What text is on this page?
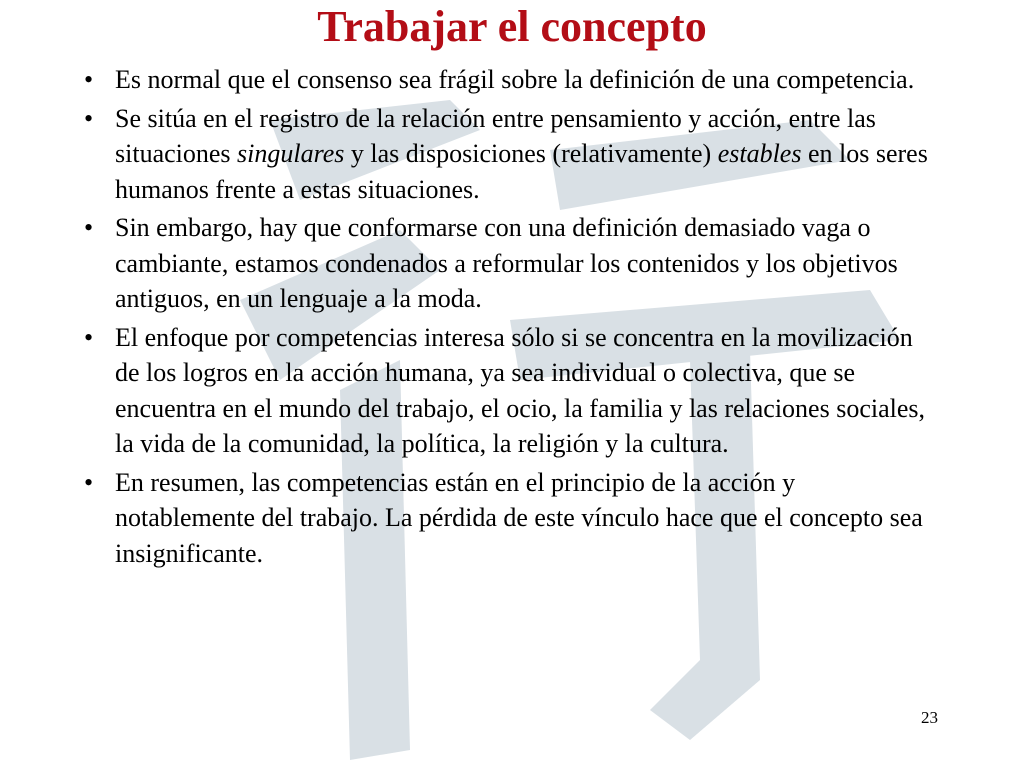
Trabajar el concepto
• Es normal que el consenso sea frágil sobre la definición de una competencia.
• Se sitúa en el registro de la relación entre pensamiento y acción, entre las situaciones singulares y las disposiciones (relativamente) estables en los seres humanos frente a estas situaciones.
• Sin embargo, hay que conformarse con una definición demasiado vaga o cambiante, estamos condenados a reformular los contenidos y los objetivos antiguos, en un lenguaje a la moda.
• El enfoque por competencias interesa sólo si se concentra en la movilización de los logros en la acción humana, ya sea individual o colectiva, que se encuentra en el mundo del trabajo, el ocio, la familia y las relaciones sociales, la vida de la comunidad, la política, la religión y la cultura.
• En resumen, las competencias están en el principio de la acción y notablemente del trabajo. La pérdida de este vínculo hace que el concepto sea insignificante.
23
